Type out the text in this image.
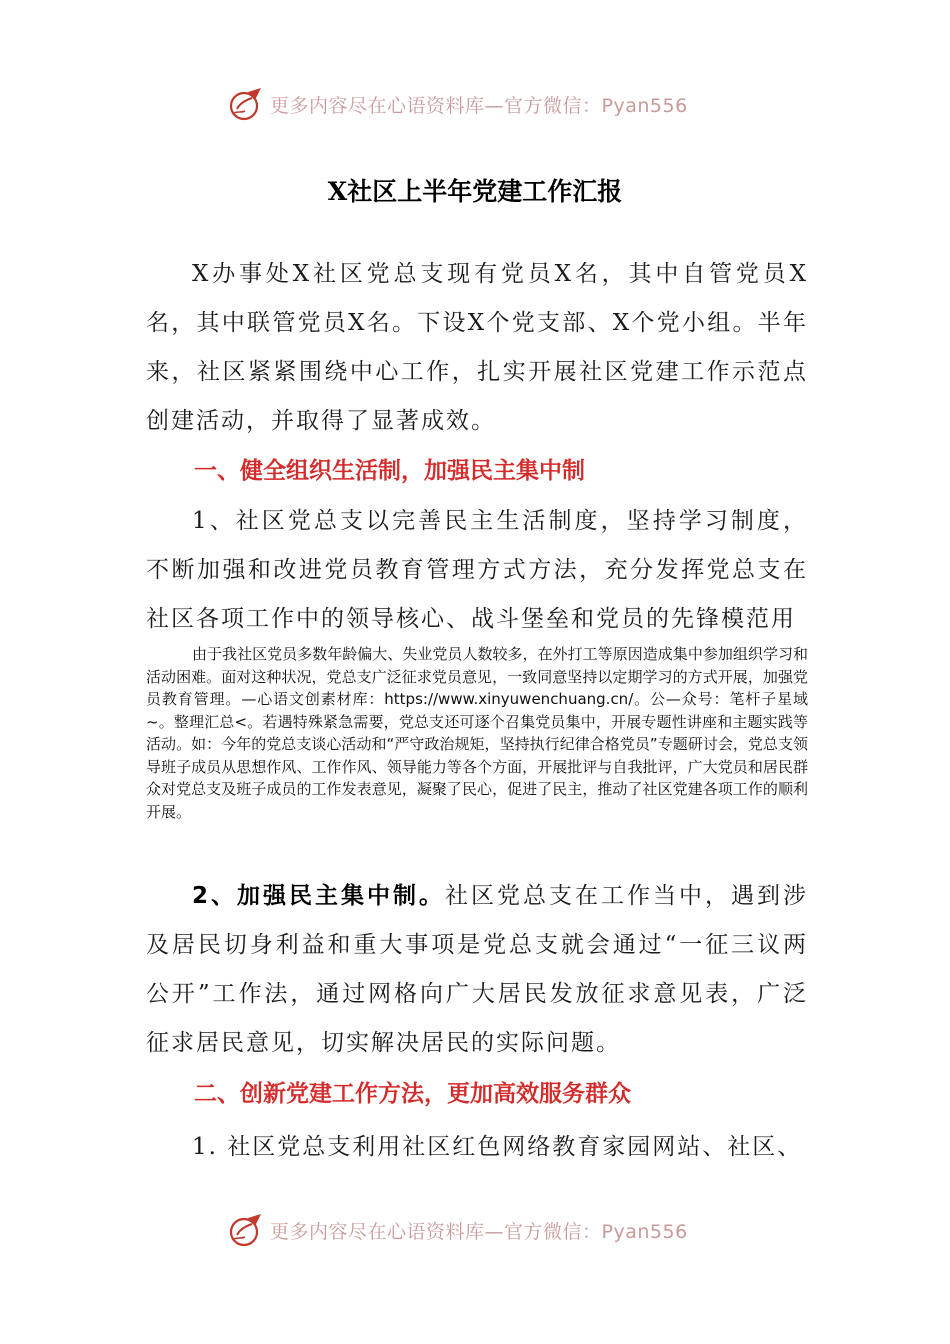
更多内容尽在心语资料库—官方微信：Pyan556
X社区上半年党建工作汇报
X办事处X社区党总支现有党员X名，其中自管党员X名，其中联管党员X名。下设X个党支部、X个党小组。半年来，社区紧紧围绕中心工作，扎实开展社区党建工作示范点创建活动，并取得了显著成效。
一、健全组织生活制，加强民主集中制
1、社区党总支以完善民主生活制度，坚持学习制度，不断加强和改进党员教育管理方式方法，充分发挥党总支在社区各项工作中的领导核心、战斗堡垒和党员的先锋模范用
由于我社区党员多数年龄偏大、失业党员人数较多，在外打工等原因造成集中参加组织学习和活动困难。面对这种状况，党总支广泛征求党员意见，一致同意坚持以定期学习的方式开展，加强党员教育管理。—心语文创素材库：https://www.xinyuwenchuang.cn/。公—众号：笔杆子星域~。整理汇总<。若遇特殊紧急需要，党总支还可逐个召集党员集中，开展专题性讲座和主题实践等活动。如：今年的党总支谈心活动和“严守政治规矩，坚持执行纪律合格党员”专题研讨会，党总支领导班子成员从思想作风、工作作风、领导能力等各个方面，开展批评与自我批评，广大党员和居民群众对党总支及班子成员的工作发表意见，凝聚了民心，促进了民主，推动了社区党建各项工作的顺利开展。
2、加强民主集中制。社区党总支在工作当中，遇到涉及居民切身利益和重大事项是党总支就会通过“一征三议两公开”工作法，通过网格向广大居民发放征求意见表，广泛征求居民意见，切实解决居民的实际问题。
二、创新党建工作方法，更加高效服务群众
1. 社区党总支利用社区红色网络教育家园网站、社区、
更多内容尽在心语资料库—官方微信：Pyan556
